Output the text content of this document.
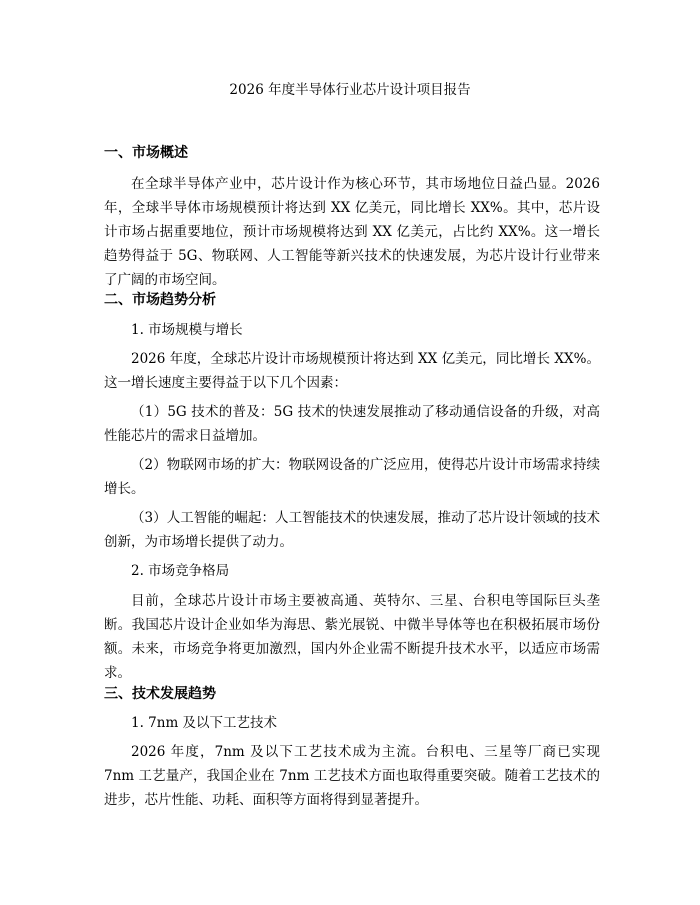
2026 年度半导体行业芯片设计项目报告
一、市场概述

在全球半导体产业中，芯片设计作为核心环节，其市场地位日益凸显。2026 年，全球半导体市场规模预计将达到 XX 亿美元，同比增长 XX%。其中，芯片设计市场占据重要地位，预计市场规模将达到 XX 亿美元，占比约 XX%。这一增长趋势得益于 5G、物联网、人工智能等新兴技术的快速发展，为芯片设计行业带来了广阔的市场空间。

二、市场趋势分析
1. 市场规模与增长

2026 年度，全球芯片设计市场规模预计将达到 XX 亿美元，同比增长 XX%。这一增长速度主要得益于以下几个因素：

（1）5G 技术的普及：5G 技术的快速发展推动了移动通信设备的升级，对高性能芯片的需求日益增加。

（2）物联网市场的扩大：物联网设备的广泛应用，使得芯片设计市场需求持续增长。

（3）人工智能的崛起：人工智能技术的快速发展，推动了芯片设计领域的技术创新，为市场增长提供了动力。

2. 市场竞争格局

目前，全球芯片设计市场主要被高通、英特尔、三星、台积电等国际巨头垄断。我国芯片设计企业如华为海思、紫光展锐、中微半导体等也在积极拓展市场份额。未来，市场竞争将更加激烈，国内外企业需不断提升技术水平，以适应市场需求。

三、技术发展趋势
1. 7nm 及以下工艺技术

2026 年度，7nm 及以下工艺技术成为主流。台积电、三星等厂商已实现 7nm 工艺量产，我国企业在 7nm 工艺技术方面也取得重要突破。随着工艺技术的进步，芯片性能、功耗、面积等方面将得到显著提升。
